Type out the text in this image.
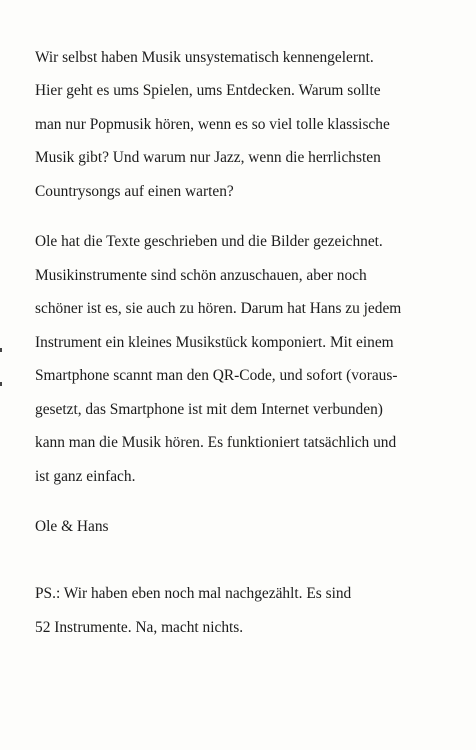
Wir selbst haben Musik unsystematisch kennengelernt.
Hier geht es ums Spielen, ums Entdecken. Warum sollte
man nur Popmusik hören, wenn es so viel tolle klassische
Musik gibt? Und warum nur Jazz, wenn die herrlichsten
Countrysongs auf einen warten?
Ole hat die Texte geschrieben und die Bilder gezeichnet.
Musikinstrumente sind schön anzuschauen, aber noch
schöner ist es, sie auch zu hören. Darum hat Hans zu jedem
Instrument ein kleines Musikstück komponiert. Mit einem
Smartphone scannt man den QR-Code, und sofort (voraus-
gesetzt, das Smartphone ist mit dem Internet verbunden)
kann man die Musik hören. Es funktioniert tatsächlich und
ist ganz einfach.
Ole & Hans
PS.: Wir haben eben noch mal nachgezählt. Es sind
52 Instrumente. Na, macht nichts.
